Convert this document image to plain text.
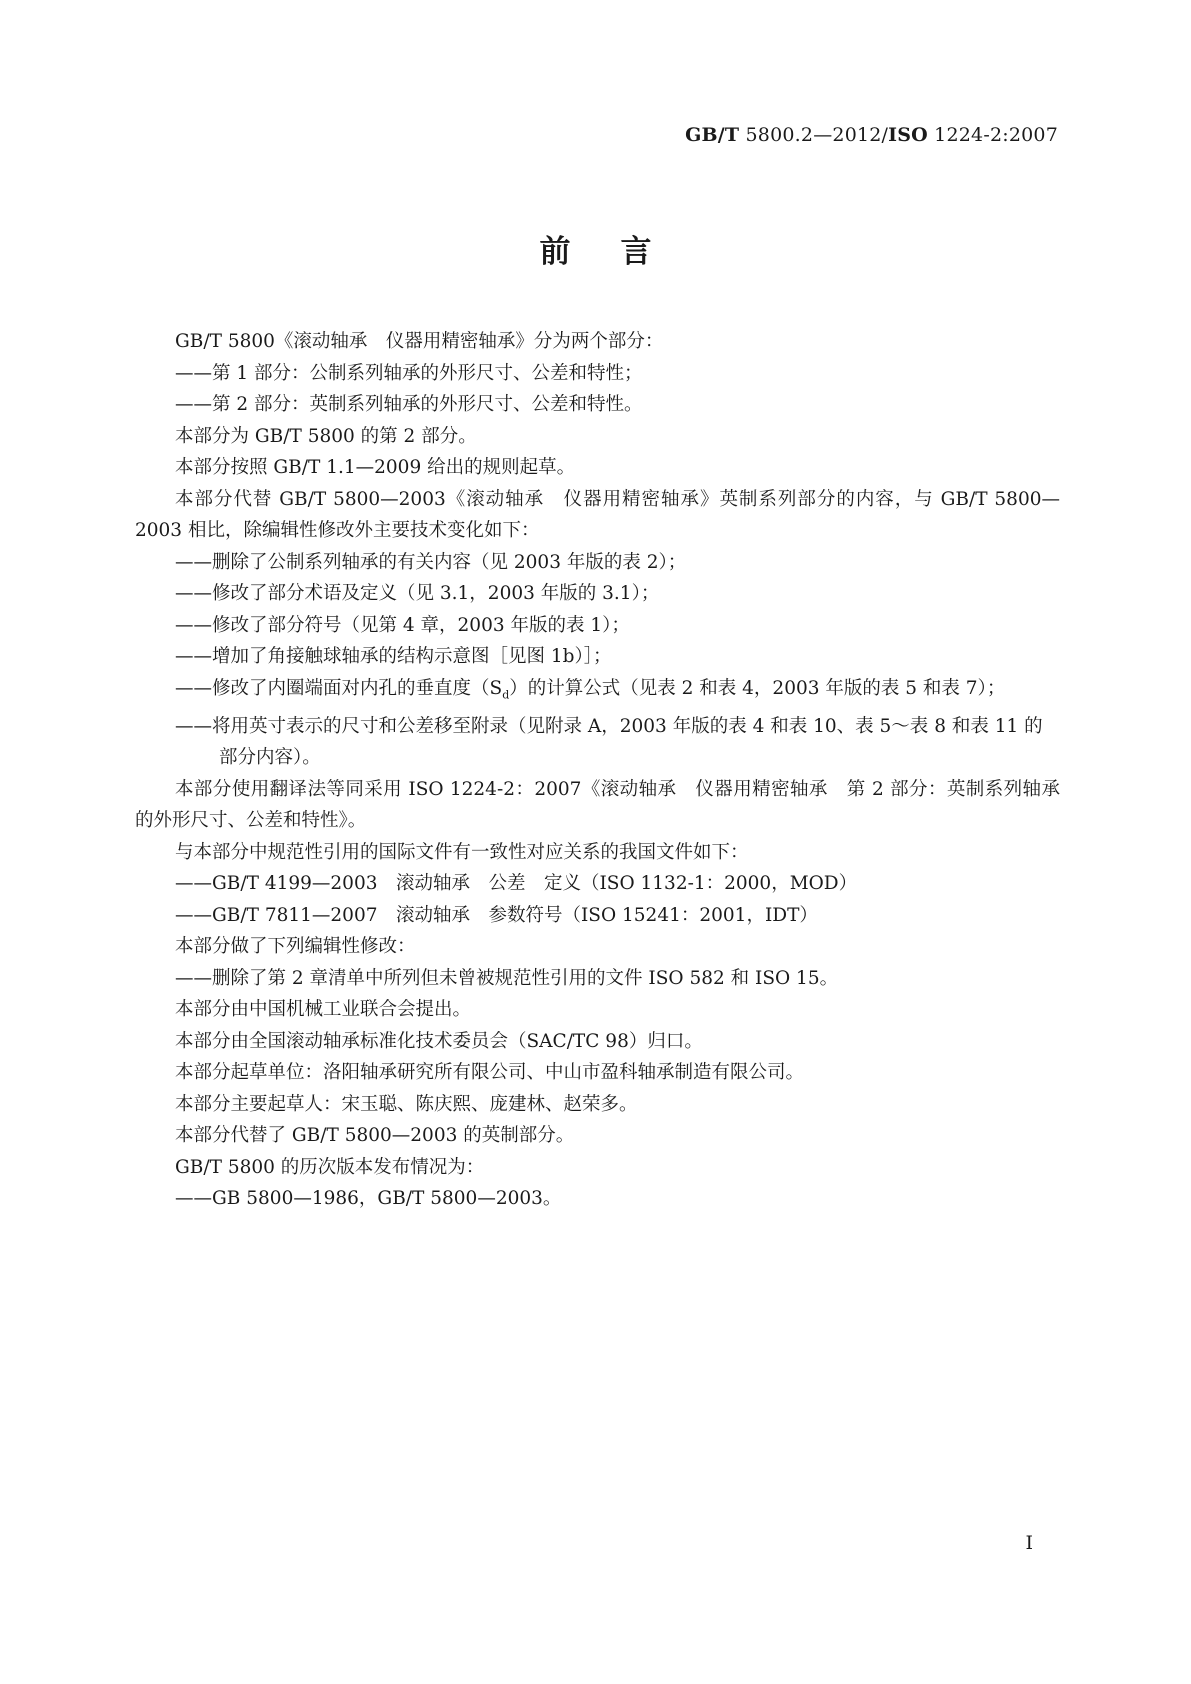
GB/T 5800.2—2012/ISO 1224-2:2007
前言
GB/T 5800《滚动轴承　仪器用精密轴承》分为两个部分：
——第 1 部分：公制系列轴承的外形尺寸、公差和特性；
——第 2 部分：英制系列轴承的外形尺寸、公差和特性。
本部分为 GB/T 5800 的第 2 部分。
本部分按照 GB/T 1.1—2009 给出的规则起草。
本部分代替 GB/T 5800—2003《滚动轴承　仪器用精密轴承》英制系列部分的内容，与 GB/T 5800—2003 相比，除编辑性修改外主要技术变化如下：
——删除了公制系列轴承的有关内容（见 2003 年版的表 2）；
——修改了部分术语及定义（见 3.1，2003 年版的 3.1）；
——修改了部分符号（见第 4 章，2003 年版的表 1）；
——增加了角接触球轴承的结构示意图［见图 1b）］；
——修改了内圈端面对内孔的垂直度$(S_d)$的计算公式（见表 2 和表 4，2003 年版的表 5 和表 7）；
——将用英寸表示的尺寸和公差移至附录（见附录 A，2003 年版的表 4 和表 10、表 5～表 8 和表 11 的部分内容）。
本部分使用翻译法等同采用 ISO 1224-2：2007《滚动轴承　仪器用精密轴承　第 2 部分：英制系列轴承的外形尺寸、公差和特性》。
与本部分中规范性引用的国际文件有一致性对应关系的我国文件如下：
——GB/T 4199—2003　滚动轴承　公差　定义（ISO 1132-1：2000，MOD）
——GB/T 7811—2007　滚动轴承　参数符号（ISO 15241：2001，IDT）
本部分做了下列编辑性修改：
——删除了第 2 章清单中所列但未曾被规范性引用的文件 ISO 582 和 ISO 15。
本部分由中国机械工业联合会提出。
本部分由全国滚动轴承标准化技术委员会（SAC/TC 98）归口。
本部分起草单位：洛阳轴承研究所有限公司、中山市盈科轴承制造有限公司。
本部分主要起草人：宋玉聪、陈庆熙、庞建林、赵荣多。
本部分代替了 GB/T 5800—2003 的英制部分。
GB/T 5800 的历次版本发布情况为：
——GB 5800—1986，GB/T 5800—2003。
I
